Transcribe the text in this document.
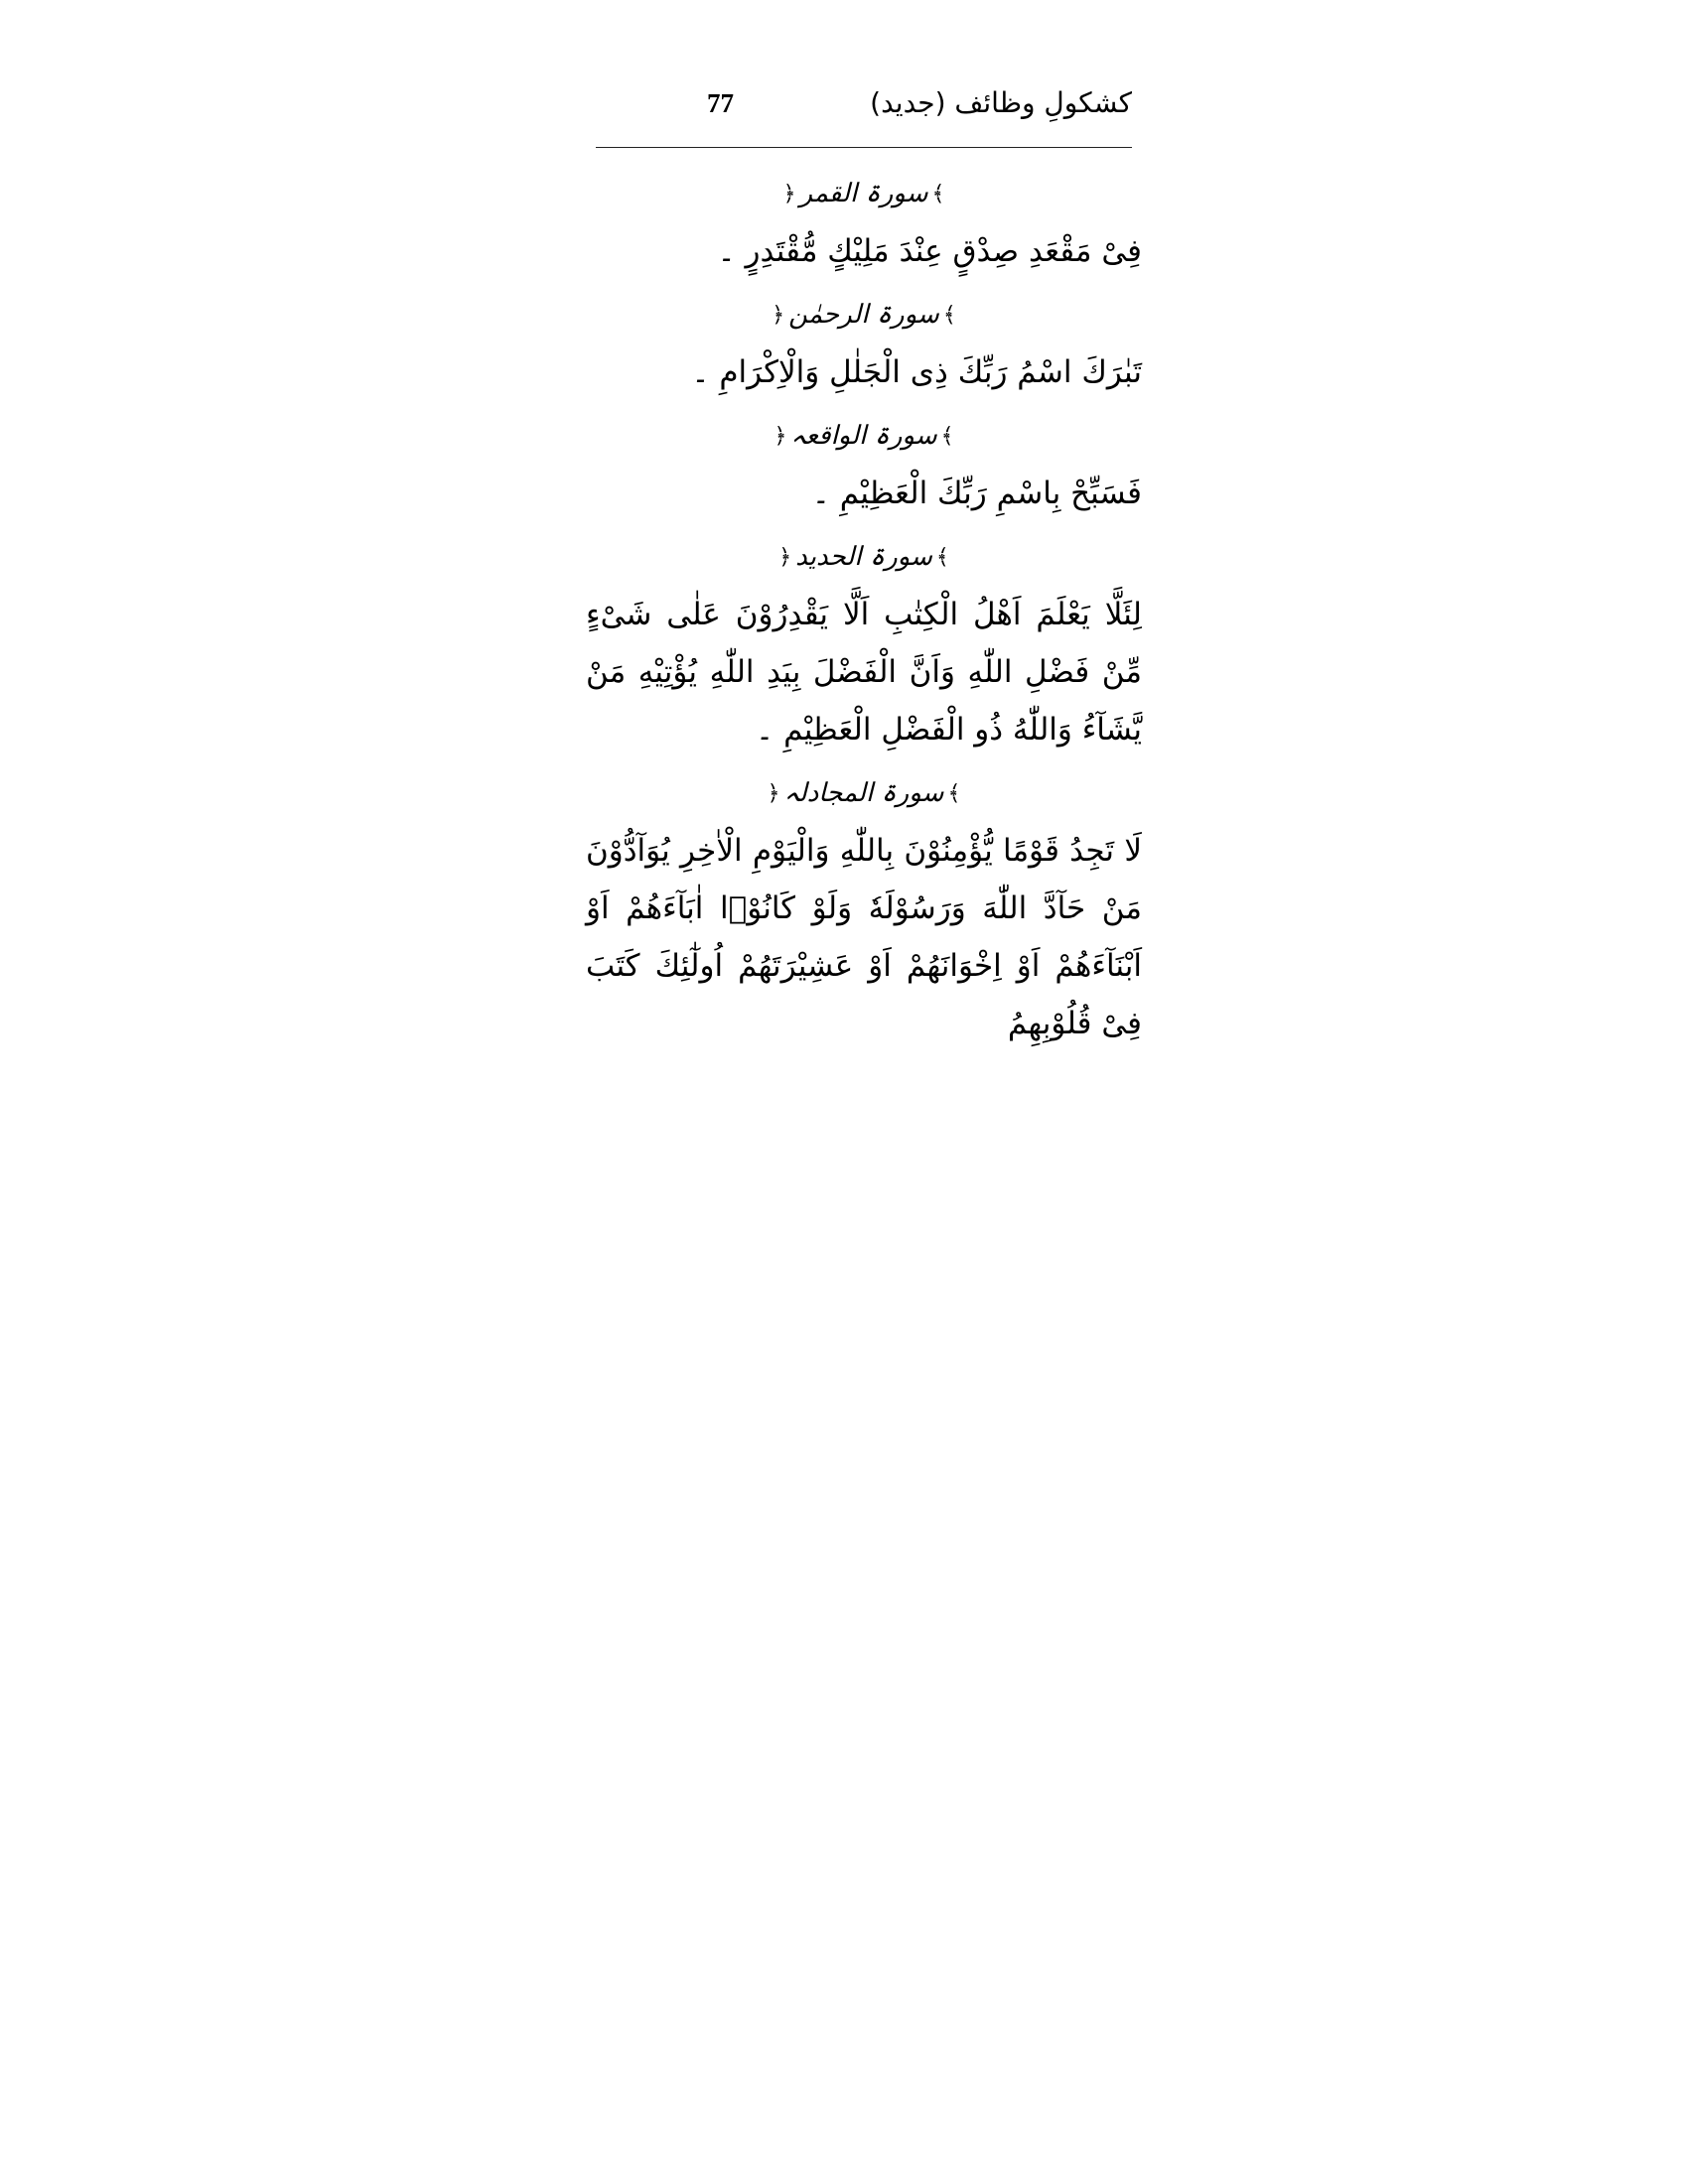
کشکولِ وظائف (جدید)
77
﴾
سورۃ القمر
﴿

فِیْ مَقْعَدِ صِدْقٍ عِنْدَ مَلِیْكٍ مُّقْتَدِرٍ ۔

﴾
سورۃ الرحمٰن
﴿

تَبٰرَكَ اسْمُ رَبِّكَ ذِی الْجَلٰلِ وَالْاِكْرَامِ ۔

﴾
سورۃ الواقعہ
﴿

فَسَبِّحْ بِاسْمِ رَبِّكَ الْعَظِیْمِ ۔

﴾
سورۃ الحدید
﴿

لِئَلَّا یَعْلَمَ اَهْلُ الْكِتٰبِ اَلَّا یَقْدِرُوْنَ عَلٰی شَیْءٍ مِّنْ فَضْلِ اللّٰهِ وَاَنَّ الْفَضْلَ بِیَدِ اللّٰهِ یُؤْتِیْهِ مَنْ یَّشَآءُ وَاللّٰهُ ذُو الْفَضْلِ الْعَظِیْمِ ۔

﴾
سورۃ المجادلہ
﴿

لَا تَجِدُ قَوْمًا یُّؤْمِنُوْنَ بِاللّٰهِ وَالْیَوْمِ الْاٰخِرِ یُوَآدُّوْنَ مَنْ حَآدَّ اللّٰهَ وَرَسُوْلَهٗ وَلَوْ كَانُوْۤا اٰبَآءَهُمْ اَوْ اَبْنَآءَهُمْ اَوْ اِخْوَانَهُمْ اَوْ عَشِیْرَتَهُمْ اُولٰٓئِكَ كَتَبَ فِیْ قُلُوْبِهِمُ
